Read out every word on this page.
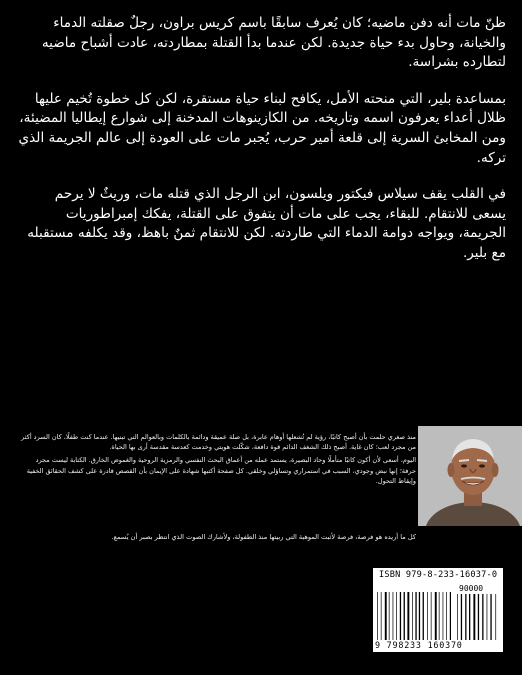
ظنّ مات أنه دفن ماضيه؛ كان يُعرف سابقًا باسم كريس براون، رجلٌ صقلته الدماء والخيانة، وحاول بدء حياة جديدة. لكن عندما بدأ القتلة بمطاردته، عادت أشباح ماضيه لتطارده بشراسة.

بمساعدة بلير، التي منحته الأمل، يكافح لبناء حياة مستقرة، لكن كل خطوة تُخيم عليها ظلال أعداء يعرفون اسمه وتاريخه. من الكازينوهات المدخنة إلى شوارع إيطاليا المضيئة، ومن المخابئ السرية إلى قلعة أمير حرب، يُجبر مات على العودة إلى عالم الجريمة الذي تركه.

في القلب يقف سيلاس فيكتور ويلسون، ابن الرجل الذي قتله مات، وريثٌ لا يرحم يسعى للانتقام. للبقاء، يجب على مات أن يتفوق على القتلة، يفكك إمبراطوريات الجريمة، ويواجه دوامة الدماء التي طاردته. لكن للانتقام ثمنٌ باهظ، وقد يكلفه مستقبله مع بلير.

منذ صغري حلمت بأن أصبح كاتبًا، رؤية لم تُشعلها أوهام عابرة، بل صلة عميقة ودائمة بالكلمات وبالعوالم التي تبنيها. عندما كنت طفلًا، كان السرد أكثر من مجرد لعب؛ كان غاية. أصبح ذلك الشغف الدائم قوة دافعة، شكّلت هويتي وخدمت كعدسة مقدسة أرى بها الحياة.

اليوم، أسعى لأن أكون كاتبًا متأملًا وحاد البصيرة، يستمد عمله من أعماق البحث النفسي والرمزية الروحية والغموض الخارق. الكتابة ليست مجرد حرفة؛ إنها نبض وجودي، السبب في استمراري وتساؤلي وخلقي. كل صفحة أكتبها شهادة على الإيمان بأن القصص قادرة على كشف الحقائق الخفية وإيقاظ التحول.

كل ما أريده هو فرصة، فرصة لأثبت الموهبة التي ربيتها منذ الطفولة، ولأشارك الصوت الذي انتظر بصبر أن يُسمع.
ISBN 979-8-233-16037-0
90000
9 798233 160370
